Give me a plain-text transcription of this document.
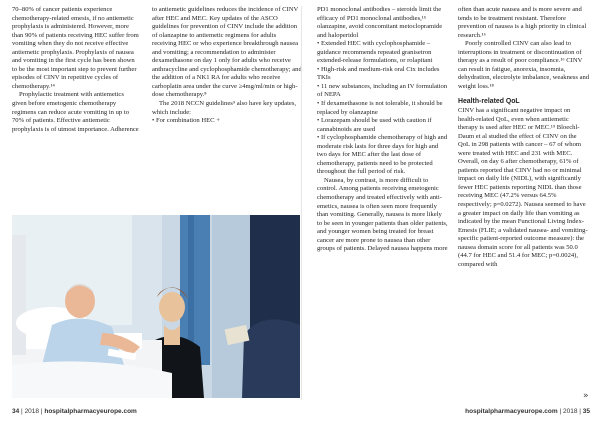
70–80% of cancer patients experience chemotherapy-related emesis, if no antiemetic prophylaxis is administered. However, more than 90% of patients receiving HEC suffer from vomiting when they do not receive effective antiemetic prophylaxis. Prophylaxis of nausea and vomiting in the first cycle has been shown to be the most important step to prevent further episodes of CINV in repetitive cycles of chemotherapy.¹⁴

Prophylactic treatment with antiemetics given before emetogenic chemotherapy regimens can reduce acute vomiting in up to 70% of patients. Effective antiemetic prophylaxis is of utmost importance. Adherence

to antiemetic guidelines reduces the incidence of CINV after HEC and MEC. Key updates of the ASCO guidelines for prevention of CINV include the addition of olanzapine to antiemetic regimens for adults receiving HEC or who experience breakthrough nausea and vomiting; a recommendation to administer dexamethasone on day 1 only for adults who receive anthracycline and cyclophosphamide chemotherapy; and the addition of a NK1 RA for adults who receive carboplatin area under the curve ≥4mg/ml/min or high-dose chemotherapy.⁸

The 2018 NCCN guidelines⁹ also have key updates, which include:

• For combination HEC +

PD1 monoclonal antibodies – steroids limit the efficacy of PD1 monoclonal antibodies,¹⁵ olanzapine, avoid concomitant metoclopramide and haloperidol

• Extended HEC with cyclophosphamide – guidance recommends repeated granisetron extended-release formulations, or rolapitant

• High-risk and medium-risk oral Ctx includes TKIs

• 11 new substances, including an IV formulation of NEPA

• If dexamethasone is not tolerable, it should be replaced by olanzapine

• Lorazepam should be used with caution if cannabinoids are used

• If cyclophosphamide chemotherapy of high and moderate risk lasts for three days for high and two days for MEC after the last dose of chemotherapy, patients need to be protected throughout the full period of risk.

Nausea, by contrast, is more difficult to control. Among patients receiving emetogenic chemotherapy and treated effectively with anti-emetics, nausea is often seen more frequently than vomiting. Generally, nausea is more likely to be seen in younger patients than older patients, and younger women being treated for breast cancer are more prone to nausea than other groups of patients. Delayed nausea happens more

often than acute nausea and is more severe and tends to be treatment resistant. Therefore prevention of nausea is a high priority in clinical research.¹⁶

Poorly controlled CINV can also lead to interruptions in treatment or discontinuation of therapy as a result of poor compliance.¹⁶ CINV can result in fatigue, anorexia, insomnia, dehydration, electrolyte imbalance, weakness and weight loss.¹⁸

Health-related QoL

CINV has a significant negative impact on health-related QoL, even when antiemetic therapy is used after HEC or MEC.¹⁹ Bloechl-Daum et al studied the effect of CINV on the QoL in 298 patients with cancer – 67 of whom were treated with HEC and 231 with MEC. Overall, on day 6 after chemotherapy, 61% of patients reported that CINV had no or minimal impact on daily life (NIDL), with significantly fewer HEC patients reporting NIDL than those receiving MEC (47.2% versus 64.5% respectively; p=0.0272). Nausea seemed to have a greater impact on daily life than vomiting as indicated by the mean Functional Living Index-Emesis (FLIE; a validated nausea- and vomiting-specific patient-reported outcome measure): the nausea domain score for all patients was 50.0 (44.7 for HEC and 51.4 for MEC; p=0.0024), compared with

»
34 | 2018 | hospitalpharmacyeurope.com	hospitalpharmacyeurope.com | 2018 | 35
